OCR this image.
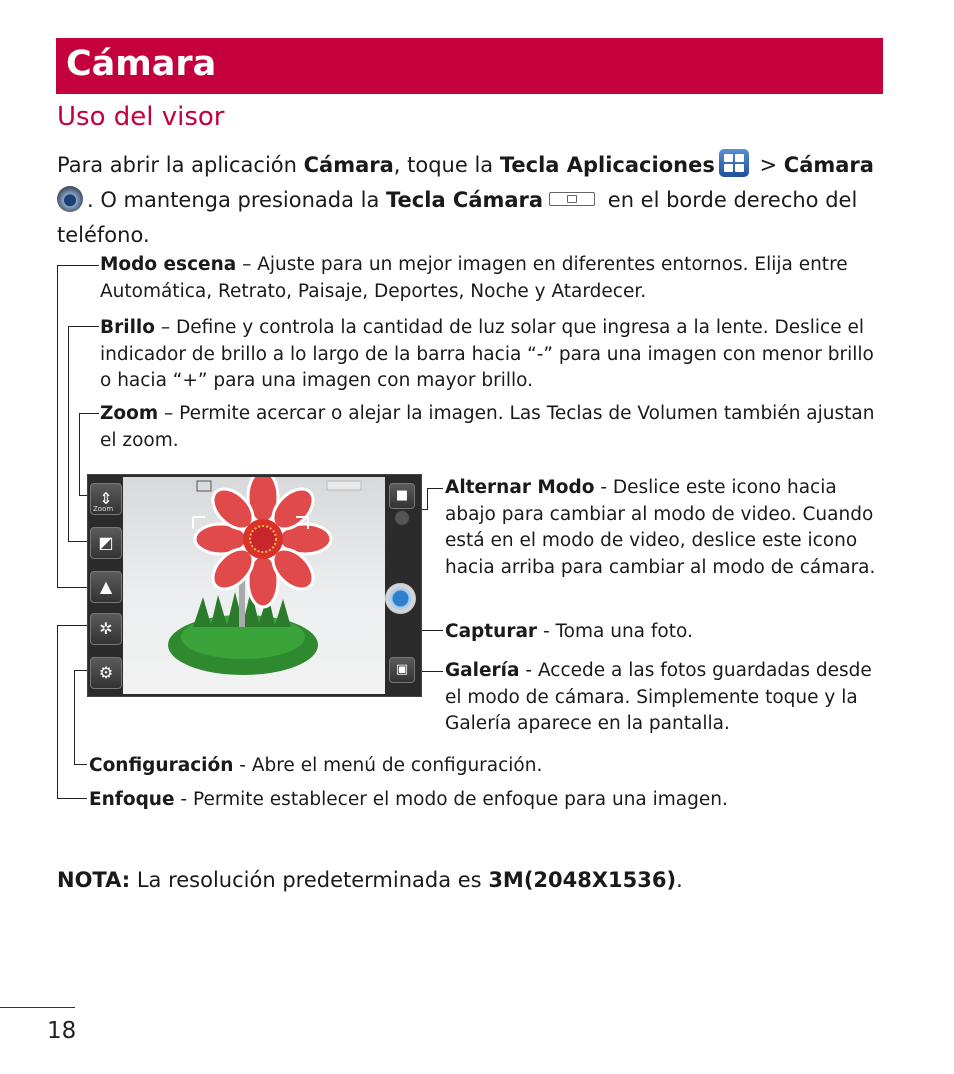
Cámara
Uso del visor
Para abrir la aplicación Cámara, toque la Tecla Aplicaciones
> Cámara
. O mantenga presionada la Tecla Cámara	en el borde derecho del teléfono.
Modo escena – Ajuste para un mejor imagen en diferentes entornos. Elija entre Automática, Retrato, Paisaje, Deportes, Noche y Atardecer.
Brillo – Define y controla la cantidad de luz solar que ingresa a la lente. Deslice el indicador de brillo a lo largo de la barra hacia “-” para una imagen con menor brillo o hacia “+” para una imagen con mayor brillo.
Zoom – Permite acercar o alejar la imagen. Las Teclas de Volumen también ajustan el zoom.
Alternar Modo - Deslice este icono hacia abajo para cambiar al modo de video. Cuando está en el modo de video, deslice este icono hacia arriba para cambiar al modo de cámara.
Capturar - Toma una foto.
Galería - Accede a las fotos guardadas desde el modo de cámara. Simplemente toque y la Galería aparece en la pantalla.
Configuración - Abre el menú de configuración.
Enfoque - Permite establecer el modo de enfoque para una imagen.
⇕
Zoom
◩
▲
✲
⚙
■
▣
NOTA: La resolución predeterminada es 3M(2048X1536).
18
